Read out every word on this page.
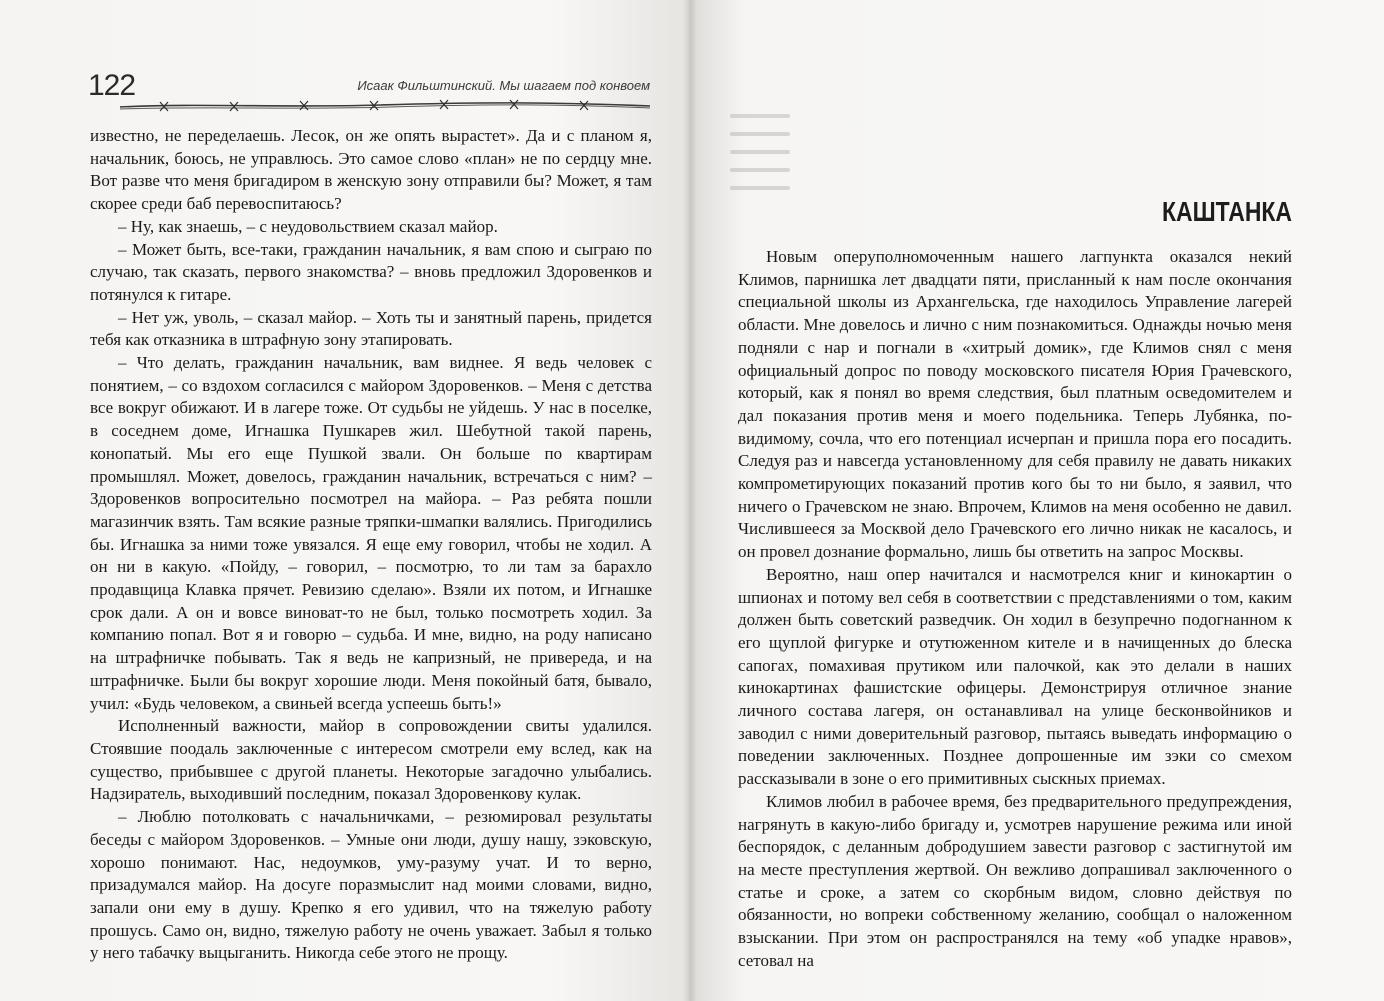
122	Исаак Фильштинский. Мы шагаем под конвоем

известно, не переделаешь. Лесок, он же опять вырастет». Да и с планом я, начальник, боюсь, не управлюсь. Это самое слово «план» не по сердцу мне. Вот разве что меня бригадиром в женскую зону отправили бы? Может, я там скорее среди баб перевоспитаюсь?

– Ну, как знаешь, – с неудовольствием сказал майор.

– Может быть, все-таки, гражданин начальник, я вам спою и сыграю по случаю, так сказать, первого знакомства? – вновь предложил Здоровенков и потянулся к гитаре.

– Нет уж, уволь, – сказал майор. – Хоть ты и занятный парень, придется тебя как отказника в штрафную зону этапировать.

– Что делать, гражданин начальник, вам виднее. Я ведь человек с понятием, – со вздохом согласился с майором Здоровенков. – Меня с детства все вокруг обижают. И в лагере тоже. От судьбы не уйдешь. У нас в поселке, в соседнем доме, Игнашка Пушкарев жил. Шебутной такой парень, конопатый. Мы его еще Пушкой звали. Он больше по квартирам промышлял. Может, довелось, гражданин начальник, встречаться с ним? – Здоровенков вопросительно посмотрел на майора. – Раз ребята пошли магазинчик взять. Там всякие разные тряпки-шмапки валялись. Пригодились бы. Игнашка за ними тоже увязался. Я еще ему говорил, чтобы не ходил. А он ни в какую. «Пойду, – говорил, – посмотрю, то ли там за барахло продавщица Клавка прячет. Ревизию сделаю». Взяли их потом, и Игнашке срок дали. А он и вовсе виноват-то не был, только посмотреть ходил. За компанию попал. Вот я и говорю – судьба. И мне, видно, на роду написано на штрафничке побывать. Так я ведь не капризный, не привереда, и на штрафничке. Были бы вокруг хорошие люди. Меня покойный батя, бывало, учил: «Будь человеком, а свиньей всегда успеешь быть!»

Исполненный важности, майор в сопровождении свиты удалился. Стоявшие поодаль заключенные с интересом смотрели ему вслед, как на существо, прибывшее с другой планеты. Некоторые загадочно улыбались. Надзиратель, выходивший последним, показал Здоровенкову кулак.

– Люблю потолковать с начальничками, – резюмировал результаты беседы с майором Здоровенков. – Умные они люди, душу нашу, зэковскую, хорошо понимают. Нас, недоумков, уму-разуму учат. И то верно, призадумался майор. На досуге поразмыслит над моими словами, видно, запали они ему в душу. Крепко я его удивил, что на тяжелую работу прошусь. Само он, видно, тяжелую работу не очень уважает. Забыл я только у него табачку выцыганить. Никогда себе этого не прощу.

КАШТАНКА

Новым оперуполномоченным нашего лагпункта оказался некий Климов, парнишка лет двадцати пяти, присланный к нам после окончания специальной школы из Архангельска, где находилось Управление лагерей области. Мне довелось и лично с ним познакомиться. Однажды ночью меня подняли с нар и погнали в «хитрый домик», где Климов снял с меня официальный допрос по поводу московского писателя Юрия Грачевского, который, как я понял во время следствия, был платным осведомителем и дал показания против меня и моего подельника. Теперь Лубянка, по-видимому, сочла, что его потенциал исчерпан и пришла пора его посадить. Следуя раз и навсегда установленному для себя правилу не давать никаких компрометирующих показаний против кого бы то ни было, я заявил, что ничего о Грачевском не знаю. Впрочем, Климов на меня особенно не давил. Числившееся за Москвой дело Грачевского его лично никак не касалось, и он провел дознание формально, лишь бы ответить на запрос Москвы.

Вероятно, наш опер начитался и насмотрелся книг и кинокартин о шпионах и потому вел себя в соответствии с представлениями о том, каким должен быть советский разведчик. Он ходил в безупречно подогнанном к его щуплой фигурке и отутюженном кителе и в начищенных до блеска сапогах, помахивая прутиком или палочкой, как это делали в наших кинокартинах фашистские офицеры. Демонстрируя отличное знание личного состава лагеря, он останавливал на улице бесконвойников и заводил с ними доверительный разговор, пытаясь выведать информацию о поведении заключенных. Позднее допрошенные им зэки со смехом рассказывали в зоне о его примитивных сыскных приемах.

Климов любил в рабочее время, без предварительного предупреждения, нагрянуть в какую-либо бригаду и, усмотрев нарушение режима или иной беспорядок, с деланным добродушием завести разговор с застигнутой им на месте преступления жертвой. Он вежливо допрашивал заключенного о статье и сроке, а затем со скорбным видом, словно действуя по обязанности, но вопреки собственному желанию, сообщал о наложенном взыскании. При этом он распространялся на тему «об упадке нравов», сетовал на
